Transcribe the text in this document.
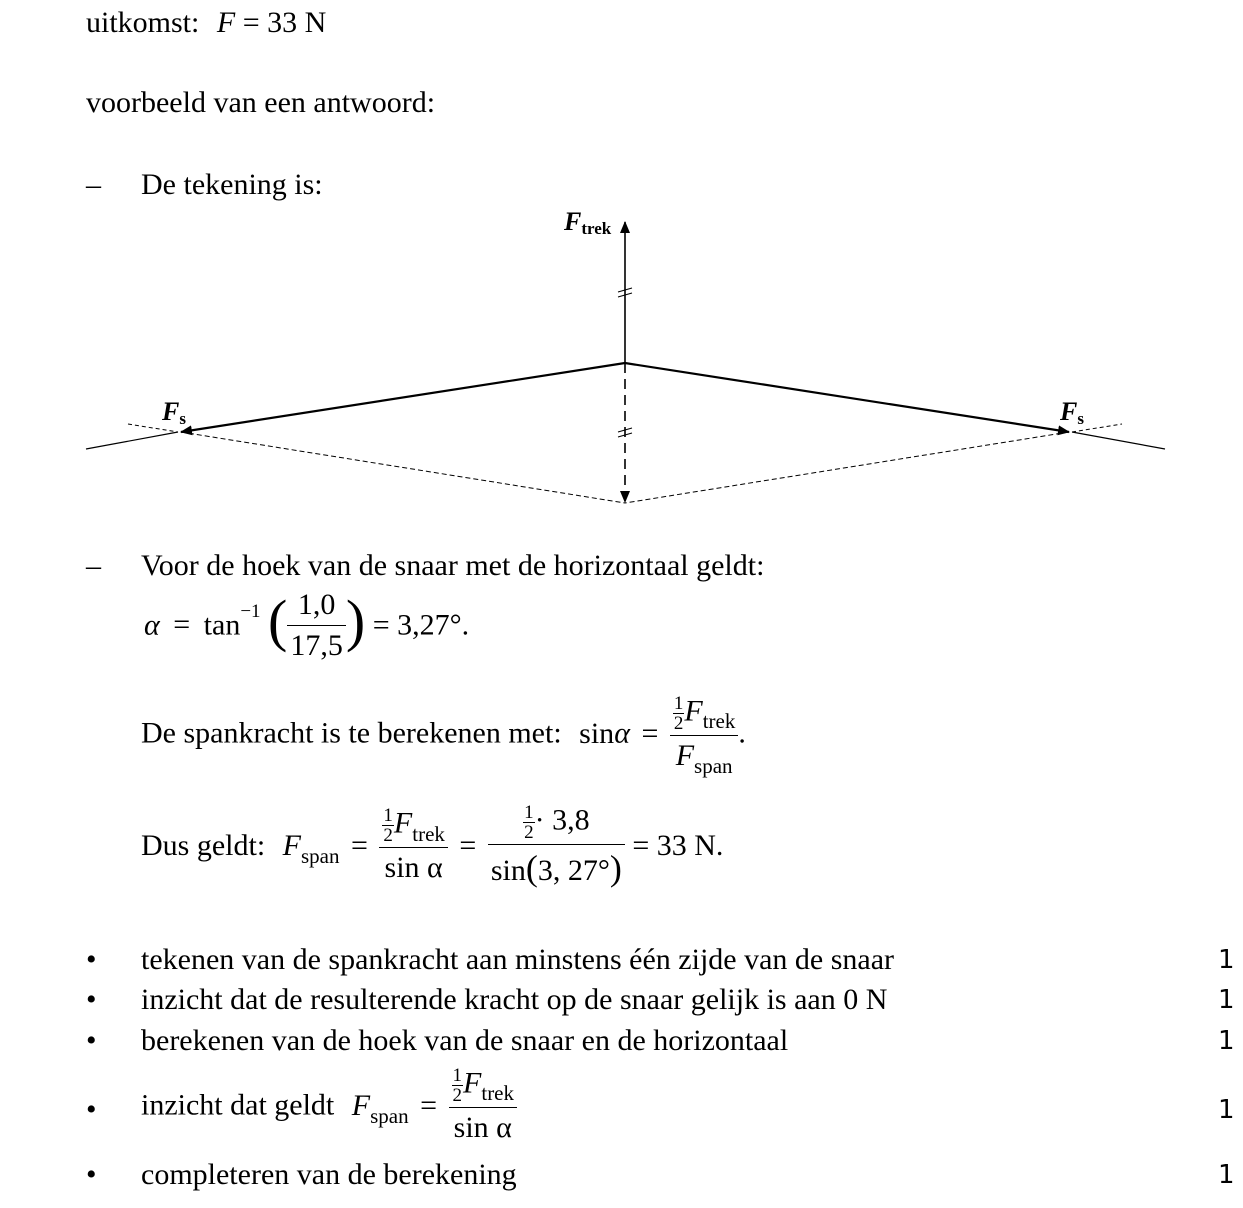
uitkomst: F = 33 N
voorbeeld van een antwoord:
– De tekening is:
Ftrek
Fs	Fs
– Voor de hoek van de snaar met de horizontaal geldt:
$\alpha = \tan^{-1}$ ( $\frac{1,0}{17,5}$ ) = 3,27°.
De spankracht is te berekenen met: $\sin\alpha = \frac{\frac{1}{2} F_{trek}}{F_{span}}$ .
Dus geldt: $F_{span} = \frac{\frac{1}{2} F_{trek}}{\text{sin α}} = \frac{\frac{1}{2} \cdot 3,8}{\sin(3, 27^\circ)} = 33$ N.
• tekenen van de spankracht aan minstens één zijde van de snaar	1
• inzicht dat de resulterende kracht op de snaar gelijk is aan 0 N	1
• berekenen van de hoek van de snaar en de horizontaal	1
• inzicht dat geldt $F_{span} = \frac{\frac{1}{2} F_{trek}}{\text{sin α}}$	1
• completeren van de berekening	1
